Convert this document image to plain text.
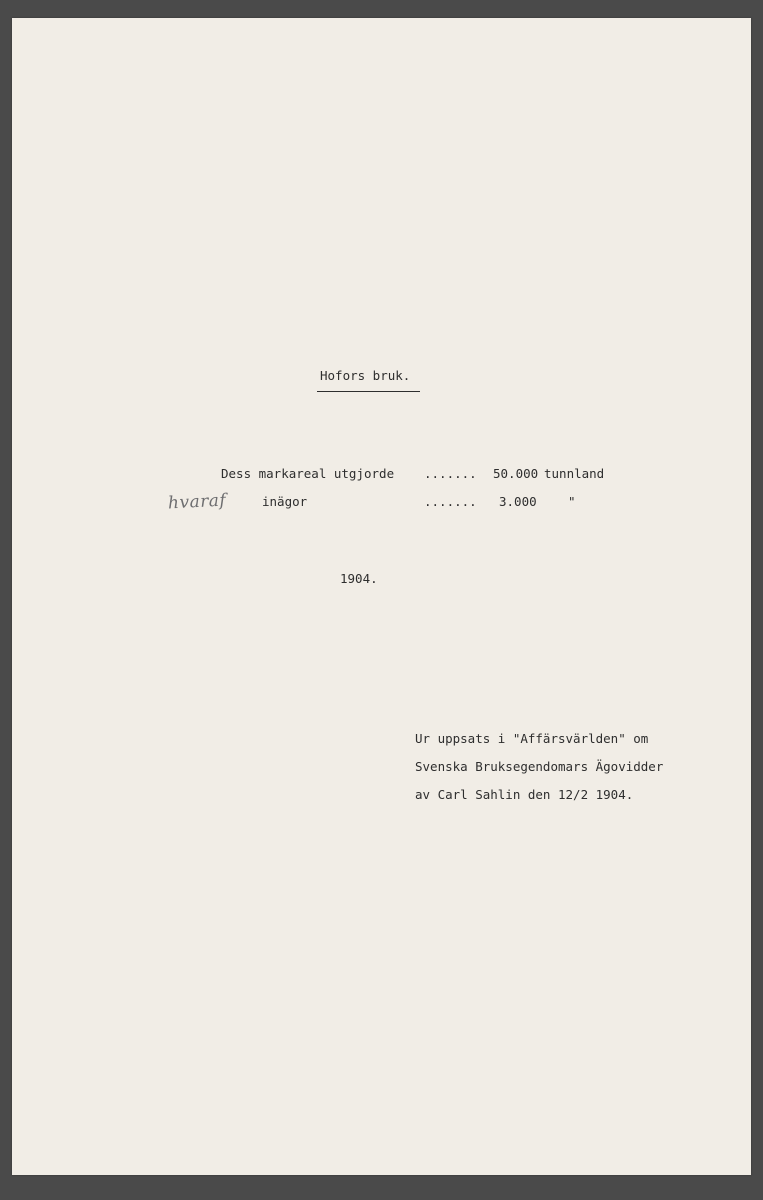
Hofors bruk.
Dess markareal utgjorde ....... 50.000 tunnland
hvaraf	inägor	....... 3.000	"
1904.
Ur uppsats i "Affärsvärlden" om
Svenska Bruksegendomars Ägovidder
av Carl Sahlin den 12/2 1904.
